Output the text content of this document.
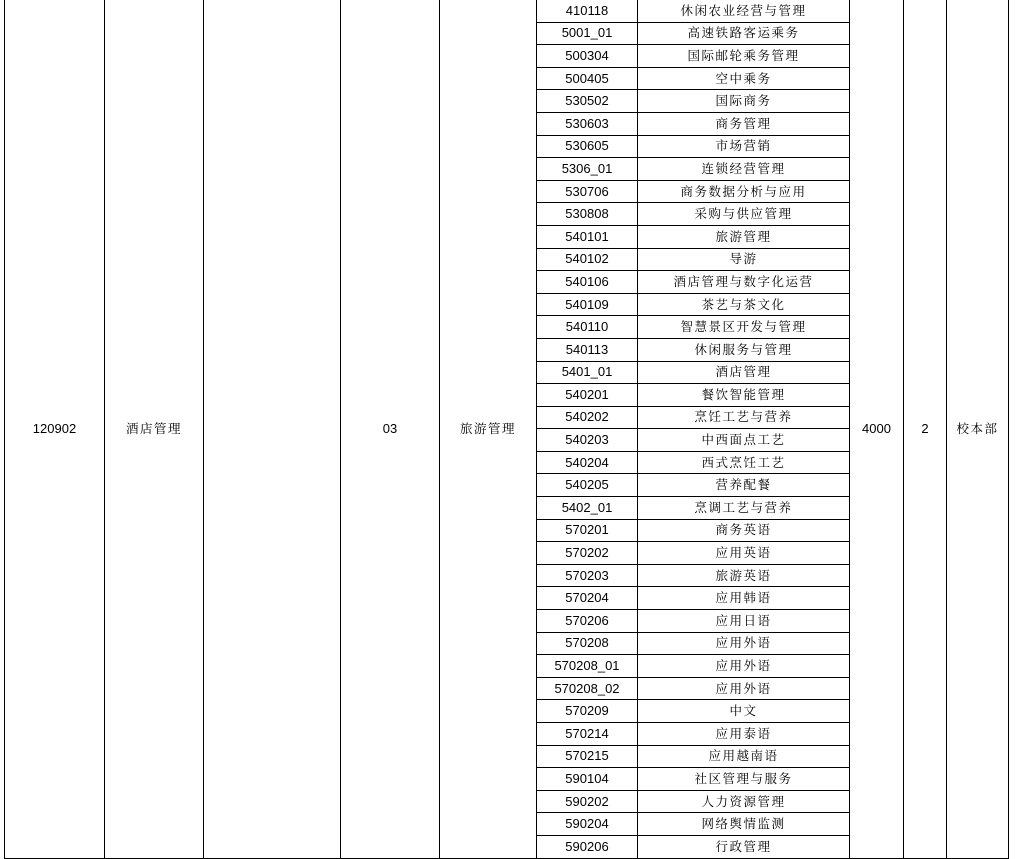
120902	酒店管理		03	旅游管理	410118	休闲农业经营与管理	4000	2	校本部
					5001_01	高速铁路客运乘务			
					500304	国际邮轮乘务管理			
					500405	空中乘务			
					530502	国际商务			
					530603	商务管理			
					530605	市场营销			
					5306_01	连锁经营管理			
					530706	商务数据分析与应用			
					530808	采购与供应管理			
					540101	旅游管理			
					540102	导游			
					540106	酒店管理与数字化运营			
					540109	茶艺与茶文化			
					540110	智慧景区开发与管理			
					540113	休闲服务与管理			
					5401_01	酒店管理			
					540201	餐饮智能管理			
					540202	烹饪工艺与营养			
					540203	中西面点工艺			
					540204	西式烹饪工艺			
					540205	营养配餐			
					5402_01	烹调工艺与营养			
					570201	商务英语			
					570202	应用英语			
					570203	旅游英语			
					570204	应用韩语			
					570206	应用日语			
					570208	应用外语			
					570208_01	应用外语			
					570208_02	应用外语			
					570209	中文			
					570214	应用泰语			
					570215	应用越南语			
					590104	社区管理与服务			
					590202	人力资源管理			
					590204	网络舆情监测			
					590206	行政管理			
